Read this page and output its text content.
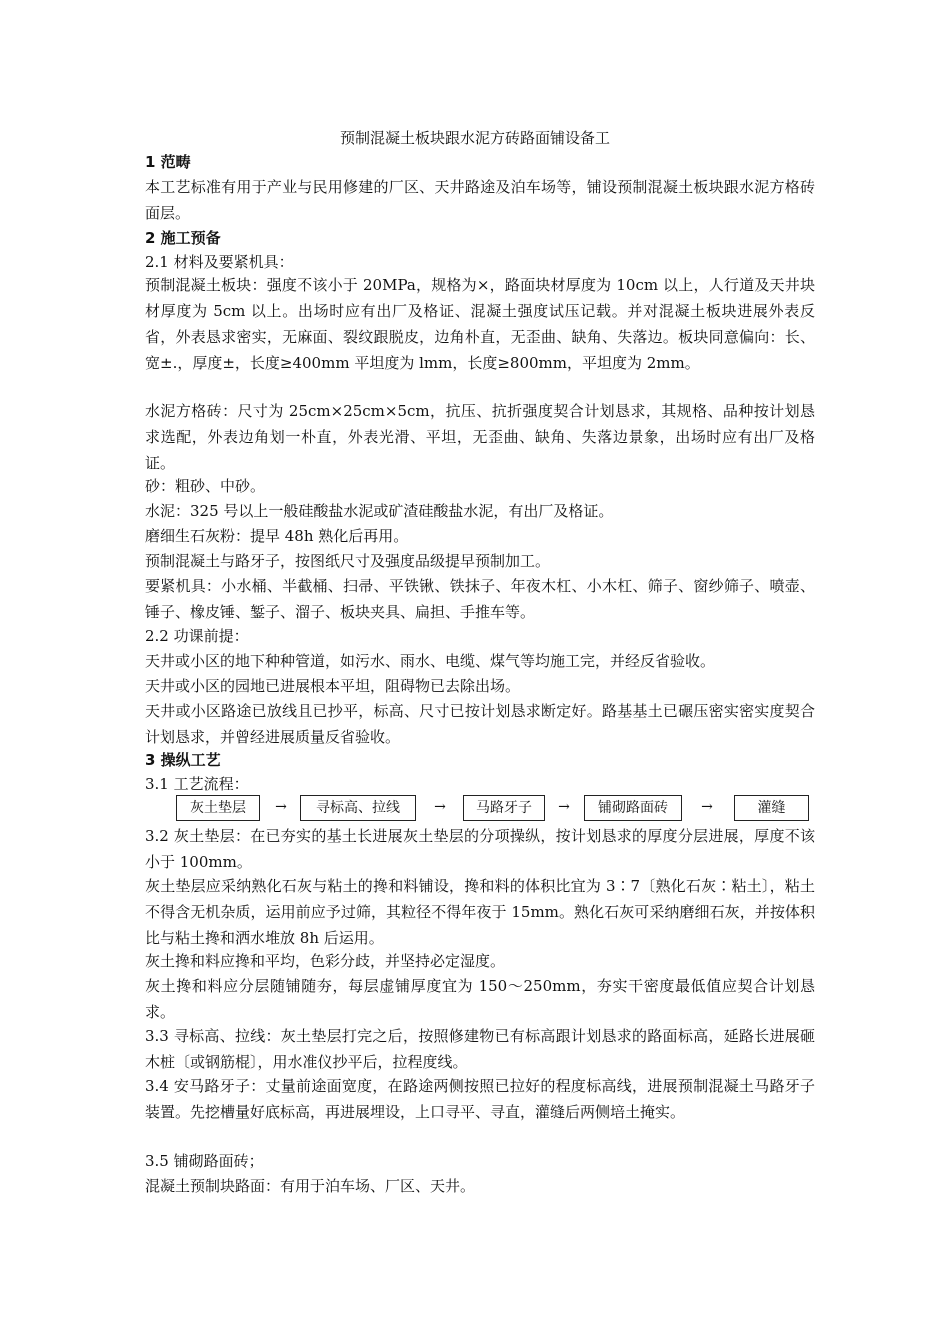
预制混凝土板块跟水泥方砖路面铺设备工
1 范畴
本工艺标准有用于产业与民用修建的厂区、天井路途及泊车场等，铺设预制混凝土板块跟水泥方格砖面层。
2 施工预备
2.1 材料及要紧机具：
预制混凝土板块：强度不该小于 20MPa，规格为×，路面块材厚度为 10cm 以上，人行道及天井块材厚度为 5cm 以上。出场时应有出厂及格证、混凝土强度试压记载。并对混凝土板块进展外表反省，外表恳求密实，无麻面、裂纹跟脱皮，边角朴直，无歪曲、缺角、失落边。板块同意偏向：长、宽±.，厚度±，长度≥400mm 平坦度为 lmm，长度≥800mm，平坦度为 2mm。
水泥方格砖：尺寸为 25cm×25cm×5cm，抗压、抗折强度契合计划恳求，其规格、品种按计划恳求选配，外表边角划一朴直，外表光滑、平坦，无歪曲、缺角、失落边景象，出场时应有出厂及格证。
砂：粗砂、中砂。
水泥：325 号以上一般硅酸盐水泥或矿渣硅酸盐水泥，有出厂及格证。
磨细生石灰粉：提早 48h 熟化后再用。
预制混凝土与路牙子，按图纸尺寸及强度品级提早预制加工。
要紧机具：小水桶、半截桶、扫帚、平铁锹、铁抹子、年夜木杠、小木杠、筛子、窗纱筛子、喷壶、锤子、橡皮锤、錾子、溜子、板块夹具、扁担、手推车等。
2.2 功课前提：
天井或小区的地下种种管道，如污水、雨水、电缆、煤气等均施工完，并经反省验收。
天井或小区的园地已进展根本平坦，阻碍物已去除出场。
天井或小区路途已放线且已抄平，标高、尺寸已按计划恳求断定好。路基基土已碾压密实密实度契合计划恳求，并曾经进展质量反省验收。
3 操纵工艺
3.1 工艺流程：
灰土垫层	→	寻标高、拉线	→	马路牙子	→	铺砌路面砖	→	灌缝
3.2 灰土垫层：在已夯实的基土长进展灰土垫层的分项操纵，按计划恳求的厚度分层进展，厚度不该小于 100mm。
灰土垫层应采纳熟化石灰与粘土的搀和料铺设，搀和料的体积比宜为 3∶7〔熟化石灰∶粘土〕，粘土不得含无机杂质，运用前应予过筛，其粒径不得年夜于 15mm。熟化石灰可采纳磨细石灰，并按体积比与粘土搀和洒水堆放 8h 后运用。
灰土搀和料应搀和平均，色彩分歧，并坚持必定湿度。
灰土搀和料应分层随铺随夯，每层虚铺厚度宜为 150～250mm，夯实干密度最低值应契合计划恳求。
3.3 寻标高、拉线：灰土垫层打完之后，按照修建物已有标高跟计划恳求的路面标高，延路长进展砸木桩〔或钢筋棍〕，用水准仪抄平后，拉程度线。
3.4 安马路牙子：丈量前途面宽度，在路途两侧按照已拉好的程度标高线，进展预制混凝土马路牙子装置。先挖槽量好底标高，再进展埋设，上口寻平、寻直，灌缝后两侧培土掩实。
3.5 铺砌路面砖；
混凝土预制块路面：有用于泊车场、厂区、天井。
